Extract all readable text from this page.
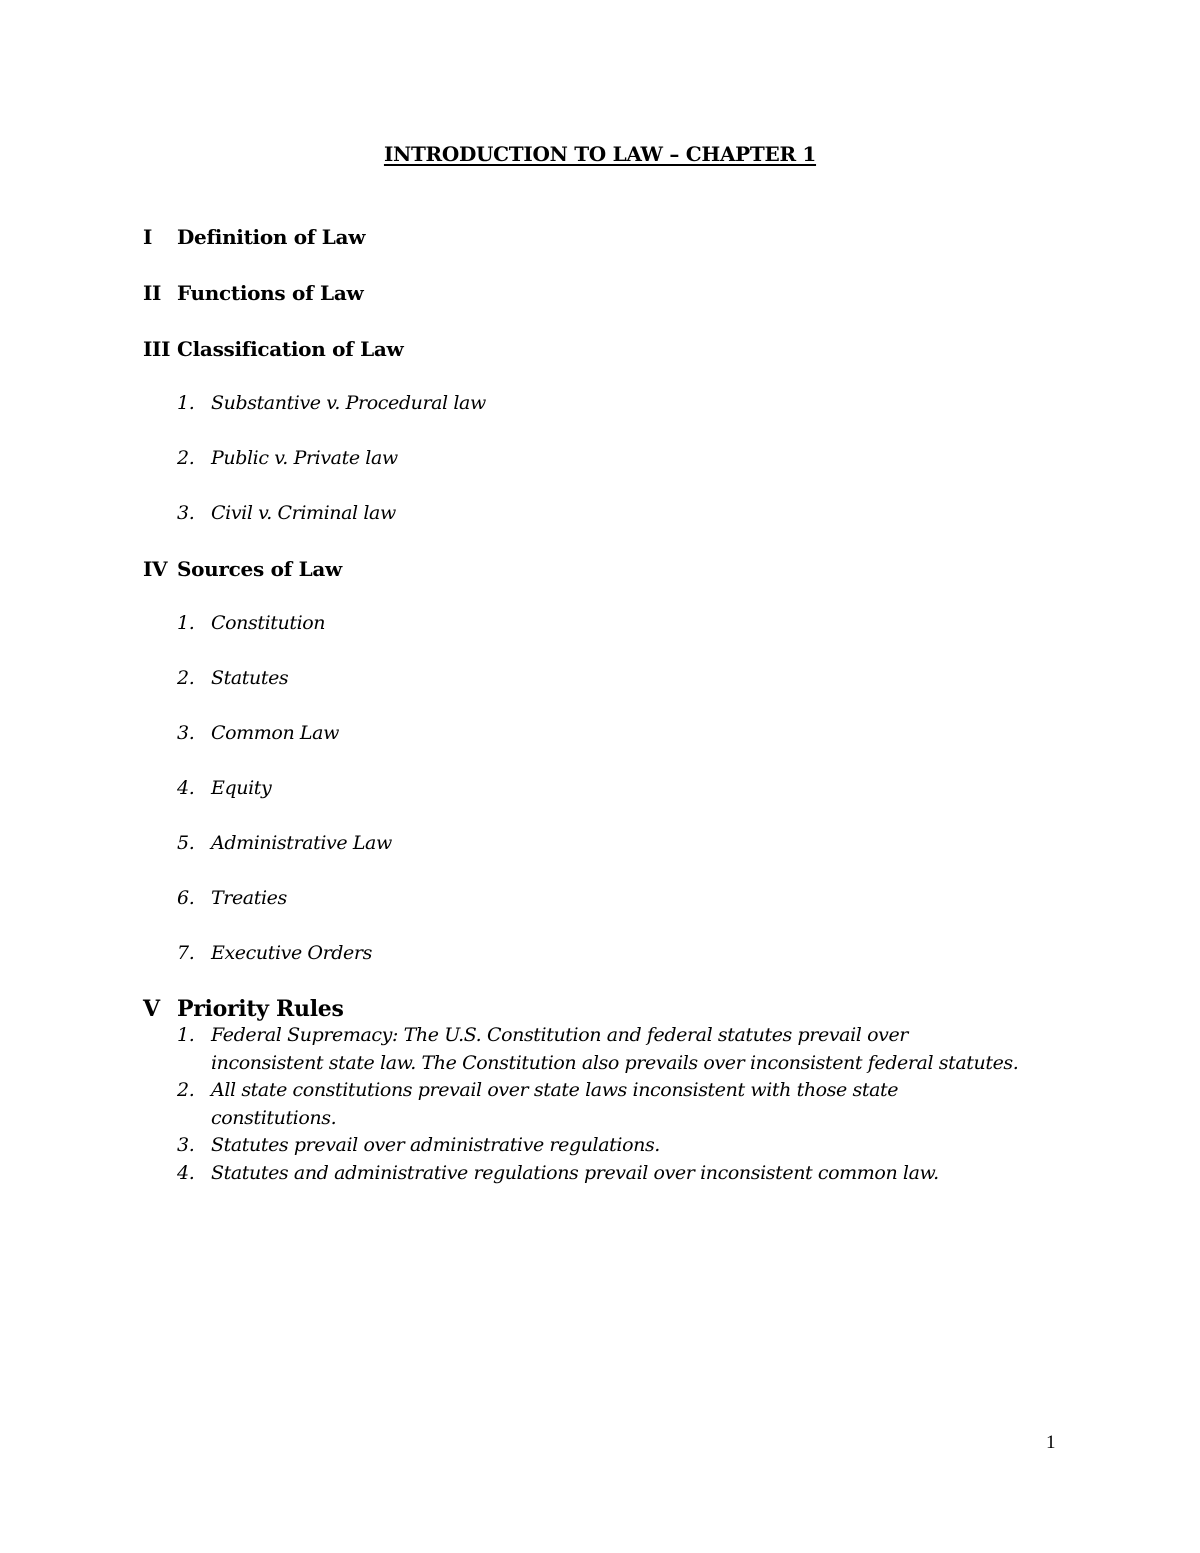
INTRODUCTION TO LAW – CHAPTER 1
I Definition of Law
II Functions of Law
III Classification of Law
1. Substantive v. Procedural law
2. Public v. Private law
3. Civil v. Criminal law
IV Sources of Law
1. Constitution
2. Statutes
3. Common Law
4. Equity
5. Administrative Law
6. Treaties
7. Executive Orders
V Priority Rules
1. Federal Supremacy: The U.S. Constitution and federal statutes prevail over
inconsistent state law. The Constitution also prevails over inconsistent federal statutes.
2. All state constitutions prevail over state laws inconsistent with those state
constitutions.
3. Statutes prevail over administrative regulations.
4. Statutes and administrative regulations prevail over inconsistent common law.
1
